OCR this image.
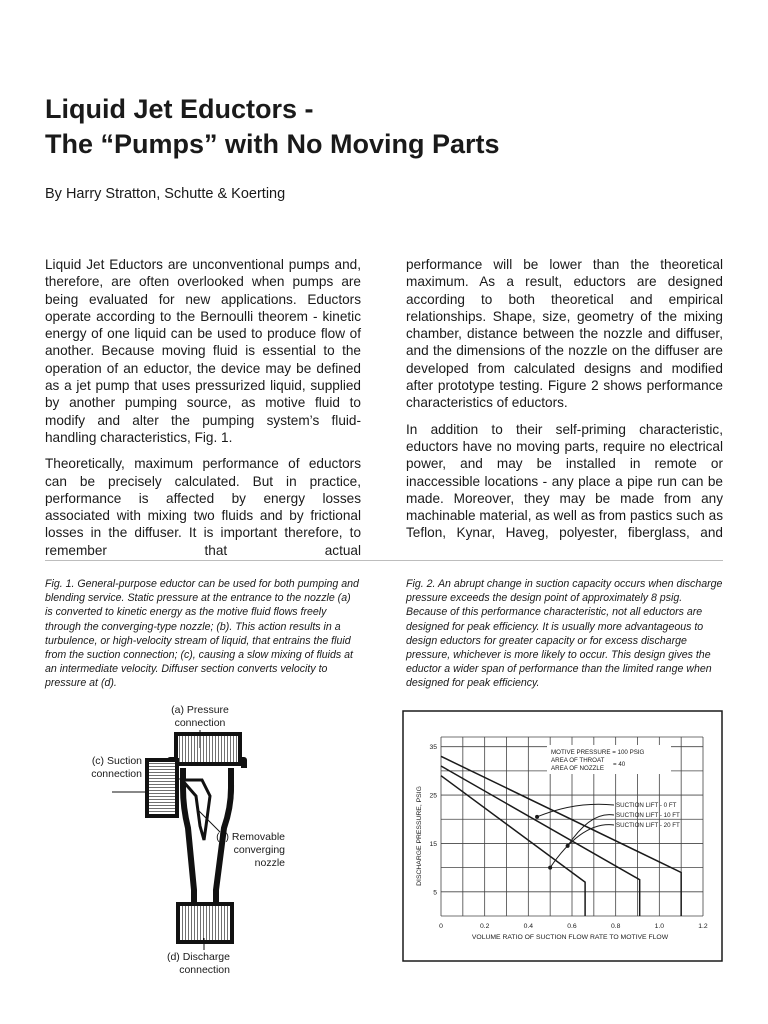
Liquid Jet Eductors -
The “Pumps” with No Moving Parts
By Harry Stratton, Schutte & Koerting

Liquid Jet Eductors are unconventional pumps and, therefore, are often overlooked when pumps are being evaluated for new applications. Eductors operate according to the Bernoulli theorem - kinetic energy of one liquid can be used to produce flow of another. Because moving fluid is essential to the operation of an eductor, the device may be defined as a jet pump that uses pressurized liquid, supplied by another pumping source, as motive fluid to modify and alter the pumping system’s fluid-handling characteristics, Fig. 1.

Theoretically, maximum performance of eductors can be precisely calculated. But in practice, performance is affected by energy losses associated with mixing two fluids and by frictional losses in the diffuser. It is important therefore, to remember that actual

performance will be lower than the theoretical maximum. As a result, eductors are designed according to both theoretical and empirical relationships. Shape, size, geometry of the mixing chamber, distance between the nozzle and diffuser, and the dimensions of the nozzle on the diffuser are developed from calculated designs and modified after prototype testing. Figure 2 shows performance characteristics of eductors.

In addition to their self-priming characteristic, eductors have no moving parts, require no electrical power, and may be installed in remote or inaccessible locations - any place a pipe run can be made. Moreover, they may be made from any machinable material, as well as from pastics such as Teflon, Kynar, Haveg, polyester, fiberglass, and

Fig. 1. General-purpose eductor can be used for both pumping and blending service. Static pressure at the entrance to the nozzle (a) is converted to kinetic energy as the motive fluid flows freely through the converging-type nozzle; (b). This action results in a turbulence, or high-velocity stream of liquid, that entrains the fluid from the suction connection; (c), causing a slow mixing of fluids at an intermediate velocity. Diffuser section converts velocity to pressure at (d).
Fig. 2. An abrupt change in suction capacity occurs when discharge pressure exceeds the design point of approximately 8 psig. Because of this performance characteristic, not all eductors are designed for peak efficiency. It is usually more advantageous to design eductors for greater capacity or for excess discharge pressure, whichever is more likely to occur. This design gives the eductor a wider span of performance than the limited range when designed for peak efficiency.
(a) Pressure connection
(c) Suction connection
(b) Removable converging nozzle
(d) Discharge connection
0	0.2	0.4	0.6	0.8	1.0	1.2
5
15
25
35
VOLUME RATIO OF SUCTION FLOW RATE TO MOTIVE FLOW
DISCHARGE PRESSURE, PSIG
MOTIVE PRESSURE = 100 PSIG
AREA OF THROAT
AREA OF NOZZLE
= 40
SUCTION LIFT - 0 FT
SUCTION LIFT - 10 FT
SUCTION LIFT - 20 FT
